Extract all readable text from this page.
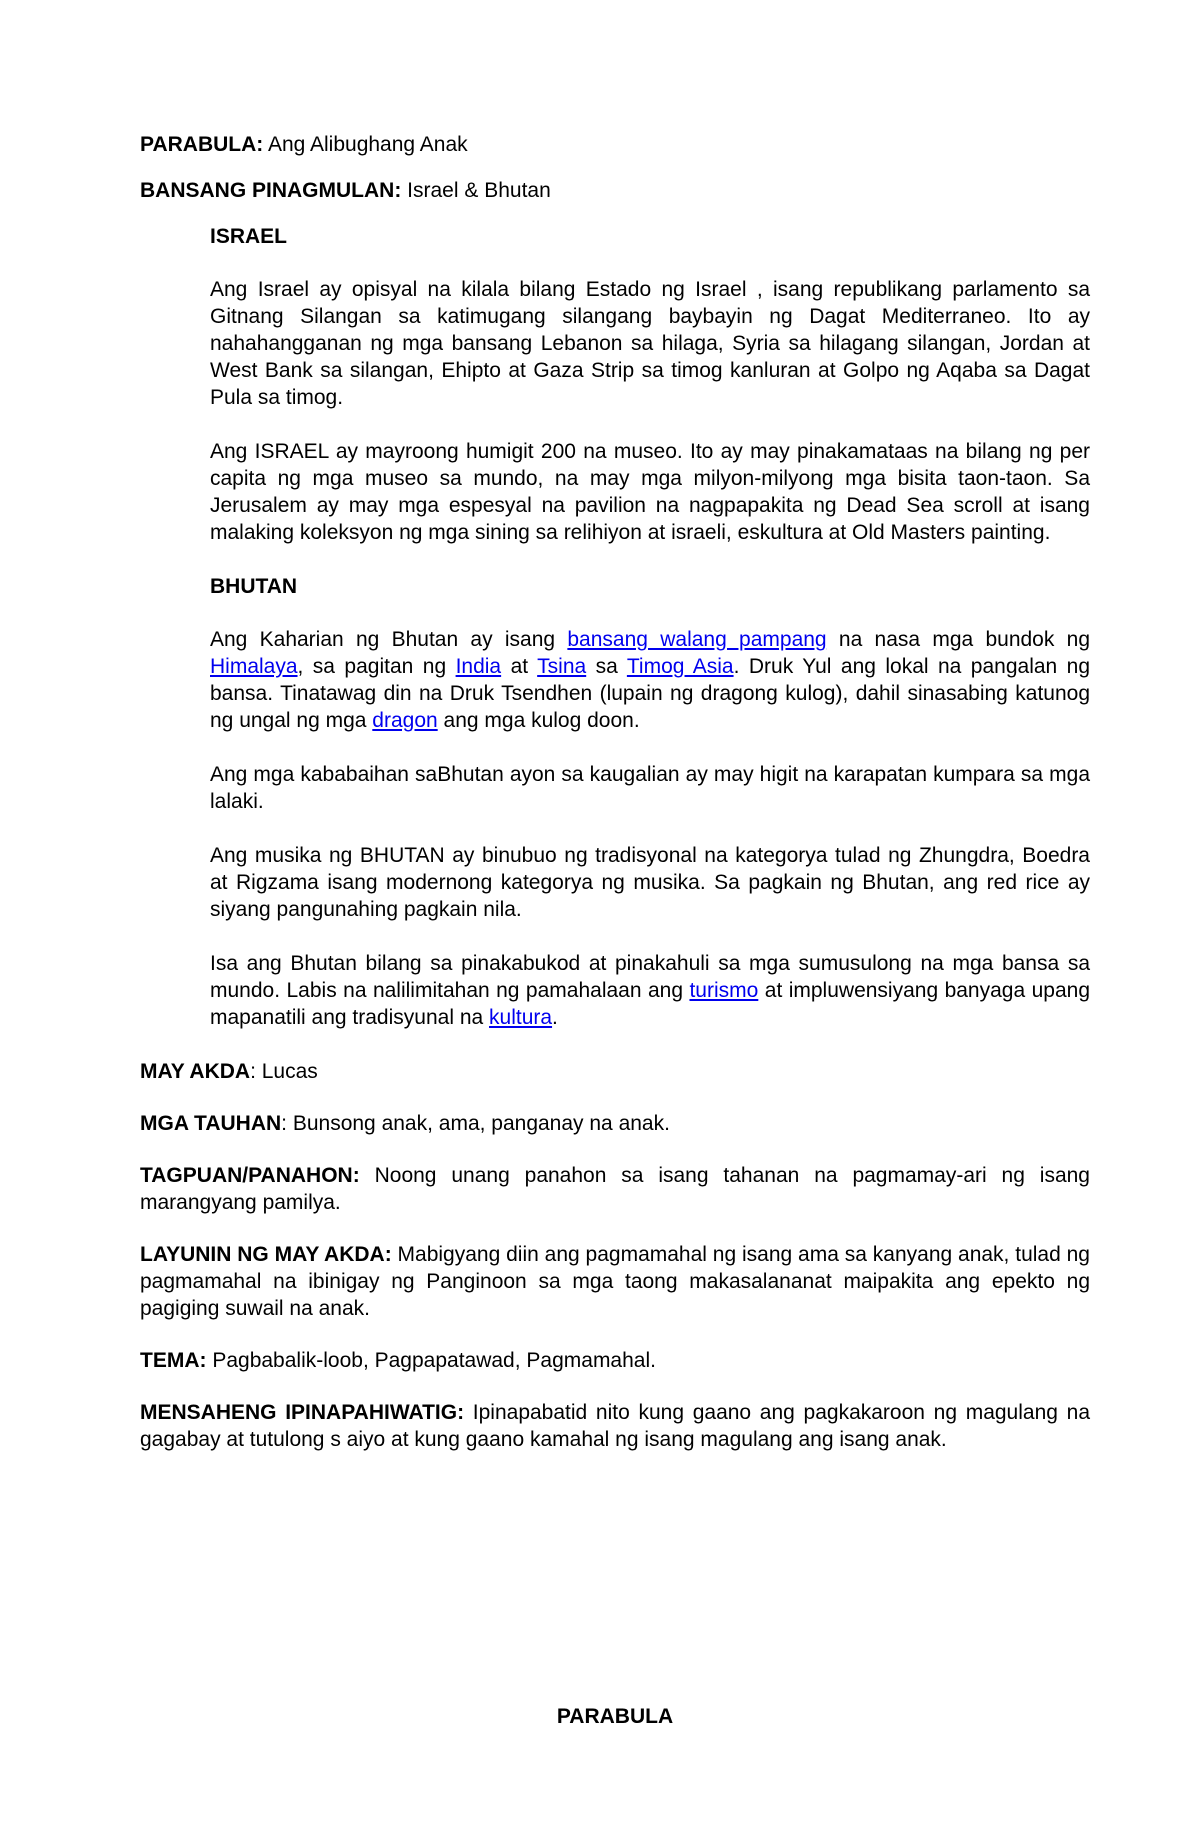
PARABULA: Ang Alibughang Anak

BANSANG PINAGMULAN: Israel & Bhutan

ISRAEL

Ang Israel ay opisyal na kilala bilang Estado ng Israel , isang republikang parlamento sa Gitnang Silangan sa katimugang silangang baybayin ng Dagat Mediterraneo. Ito ay nahahangganan ng mga bansang Lebanon sa hilaga, Syria sa hilagang silangan, Jordan at West Bank sa silangan, Ehipto at Gaza Strip sa timog kanluran at Golpo ng Aqaba sa Dagat Pula sa timog.

Ang ISRAEL ay mayroong humigit 200 na museo. Ito ay may pinakamataas na bilang ng per capita ng mga museo sa mundo, na may mga milyon-milyong mga bisita taon-taon. Sa Jerusalem ay may mga espesyal na pavilion na nagpapakita ng Dead Sea scroll at isang malaking koleksyon ng mga sining sa relihiyon at israeli, eskultura at Old Masters painting.

BHUTAN

Ang Kaharian ng Bhutan ay isang bansang walang pampang na nasa mga bundok ng Himalaya, sa pagitan ng India at Tsina sa Timog Asia. Druk Yul ang lokal na pangalan ng bansa. Tinatawag din na Druk Tsendhen (lupain ng dragong kulog), dahil sinasabing katunog ng ungal ng mga dragon ang mga kulog doon.

Ang mga kababaihan saBhutan ayon sa kaugalian ay may higit na karapatan kumpara sa mga lalaki.

Ang musika ng BHUTAN ay binubuo ng tradisyonal na kategorya tulad ng Zhungdra, Boedra at Rigzama isang modernong kategorya ng musika. Sa pagkain ng Bhutan, ang red rice ay siyang pangunahing pagkain nila.

Isa ang Bhutan bilang sa pinakabukod at pinakahuli sa mga sumusulong na mga bansa sa mundo. Labis na nalilimitahan ng pamahalaan ang turismo at impluwensiyang banyaga upang mapanatili ang tradisyunal na kultura.

MAY AKDA: Lucas

MGA TAUHAN: Bunsong anak, ama, panganay na anak.

TAGPUAN/PANAHON: Noong unang panahon sa isang tahanan na pagmamay-ari ng isang marangyang pamilya.

LAYUNIN NG MAY AKDA: Mabigyang diin ang pagmamahal ng isang ama sa kanyang anak, tulad ng pagmamahal na ibinigay ng Panginoon sa mga taong makasalananat maipakita ang epekto ng pagiging suwail na anak.

TEMA: Pagbabalik-loob, Pagpapatawad, Pagmamahal.

MENSAHENG IPINAPAHIWATIG: Ipinapabatid nito kung gaano ang pagkakaroon ng magulang na gagabay at tutulong s aiyo at kung gaano kamahal ng isang magulang ang isang anak.

PARABULA
